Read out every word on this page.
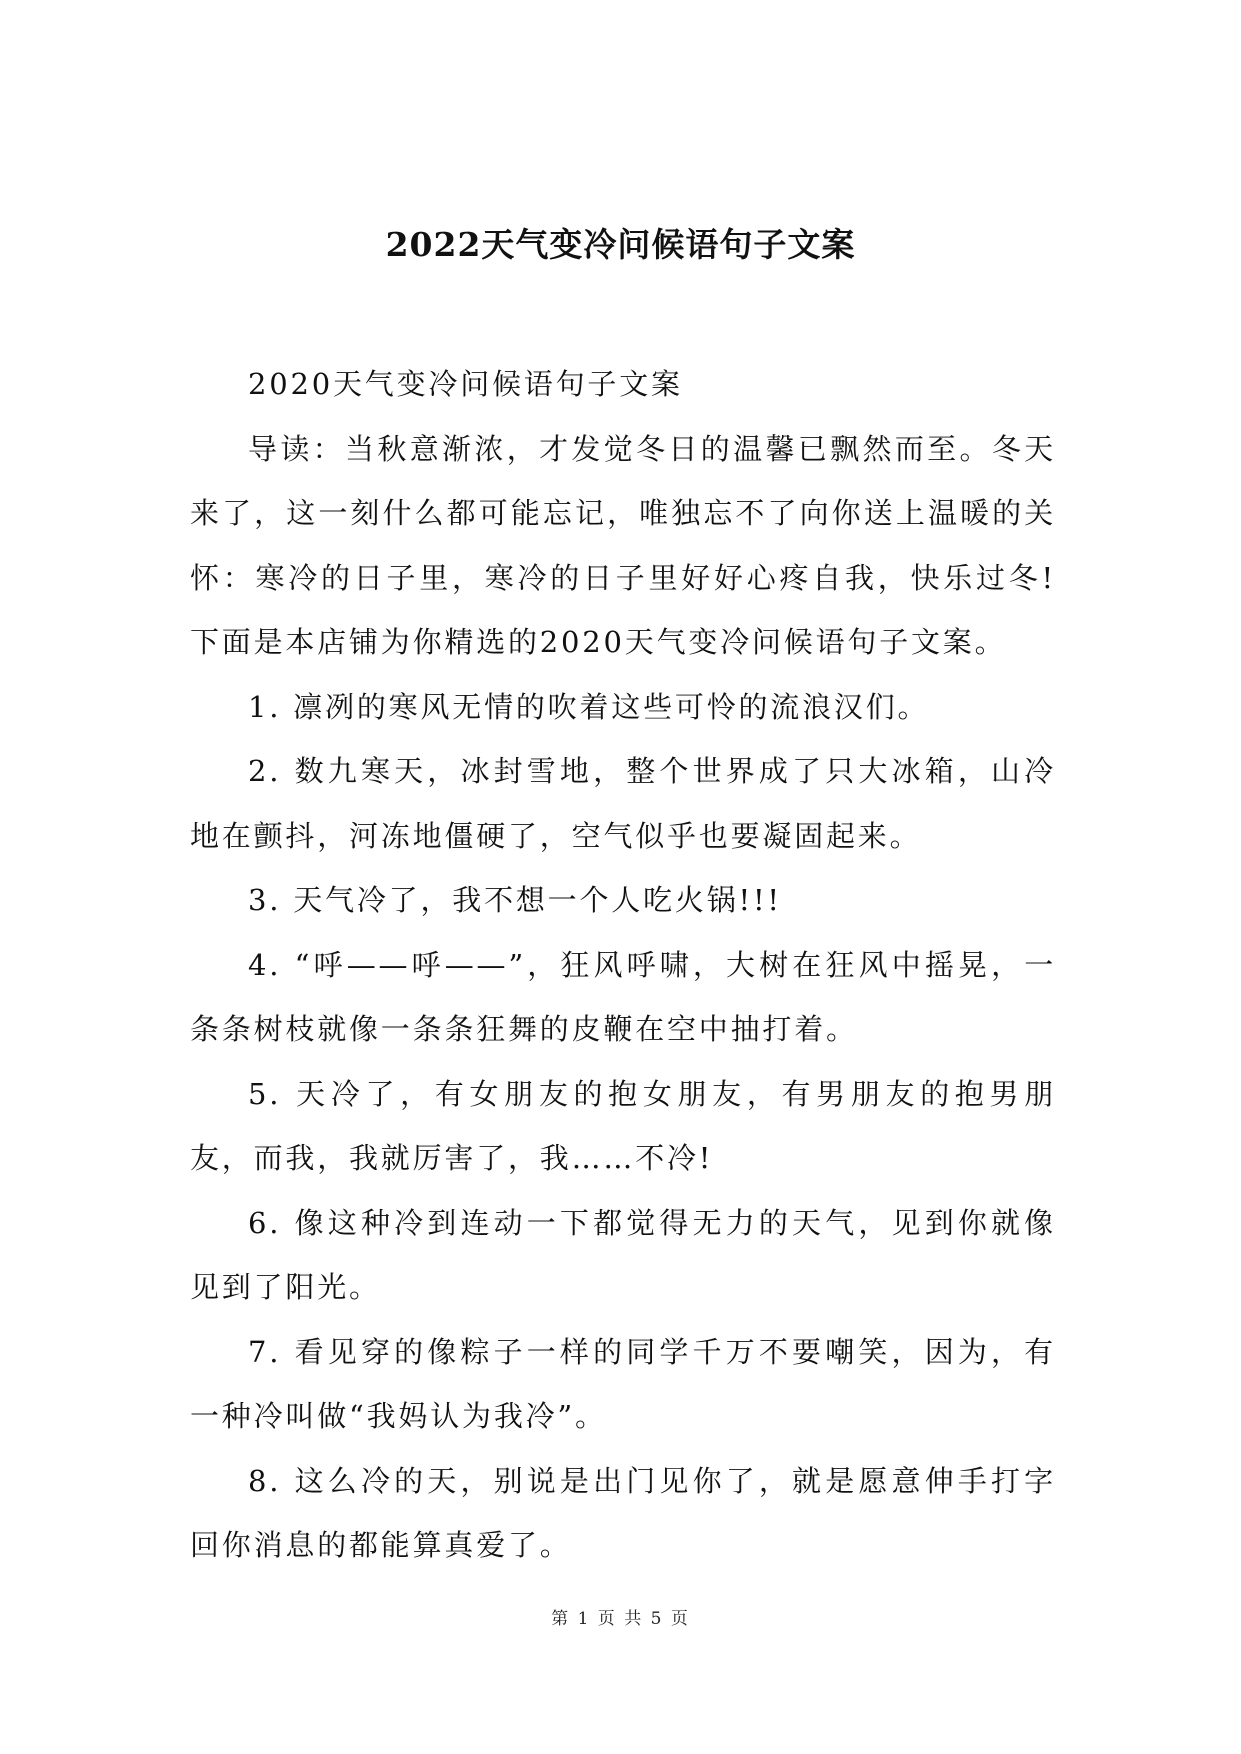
2022天气变冷问候语句子文案

2020天气变冷问候语句子文案

导读：当秋意渐浓，才发觉冬日的温馨已飘然而至。冬天来了，这一刻什么都可能忘记，唯独忘不了向你送上温暖的关怀：寒冷的日子里，寒冷的日子里好好心疼自我，快乐过冬!下面是本店铺为你精选的2020天气变冷问候语句子文案。

1. 凛冽的寒风无情的吹着这些可怜的流浪汉们。

2. 数九寒天，冰封雪地，整个世界成了只大冰箱，山冷地在颤抖，河冻地僵硬了，空气似乎也要凝固起来。

3. 天气冷了，我不想一个人吃火锅!!!

4. “呼——呼——”，狂风呼啸，大树在狂风中摇晃，一条条树枝就像一条条狂舞的皮鞭在空中抽打着。

5. 天冷了，有女朋友的抱女朋友，有男朋友的抱男朋友，而我，我就厉害了，我……不冷!

6. 像这种冷到连动一下都觉得无力的天气，见到你就像见到了阳光。

7. 看见穿的像粽子一样的同学千万不要嘲笑，因为，有一种冷叫做“我妈认为我冷”。

8. 这么冷的天，别说是出门见你了，就是愿意伸手打字回你消息的都能算真爱了。

第 1 页 共 5 页
